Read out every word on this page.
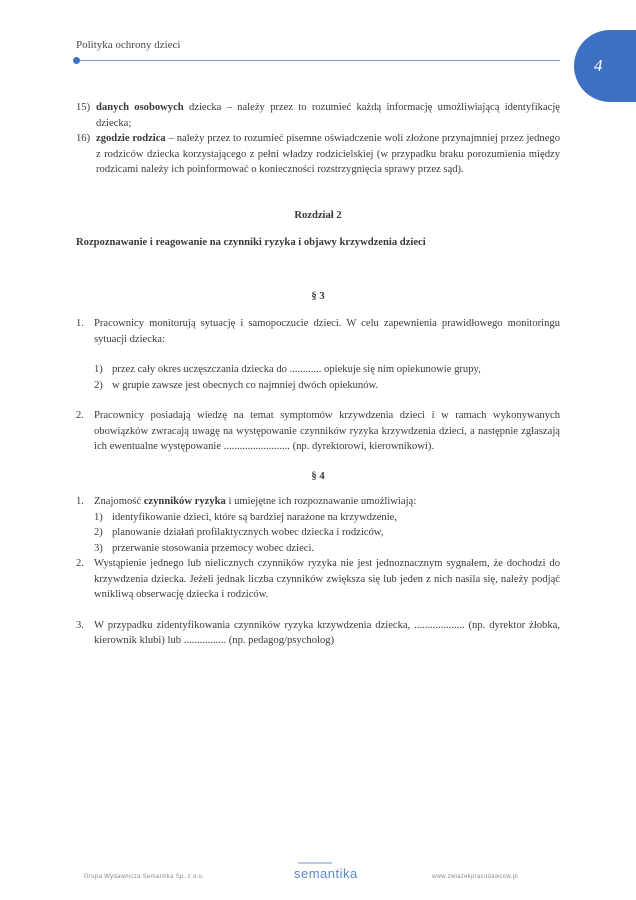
Polityka ochrony dzieci
4

15) danych osobowych dziecka – należy przez to rozumieć każdą informację umożliwiającą identyfikację dziecka;

16) zgodzie rodzica – należy przez to rozumieć pisemne oświadczenie woli złożone przynajmniej przez jednego z rodziców dziecka korzystającego z pełni władzy rodzicielskiej (w przypadku braku porozumienia między rodzicami należy ich poinformować o konieczności rozstrzygnięcia sprawy przez sąd).

Rozdział 2
Rozpoznawanie i reagowanie na czynniki ryzyka i objawy krzywdzenia dzieci
§ 3

1. Pracownicy monitorują sytuację i samopoczucie dzieci. W celu zapewnienia prawidłowego monitoringu sytuacji dziecka:

1) przez cały okres uczęszczania dziecka do ............ opiekuje się nim opiekunowie grupy,

2) w grupie zawsze jest obecnych co najmniej dwóch opiekunów.

2. Pracownicy posiadają wiedzę na temat symptomów krzywdzenia dzieci i w ramach wykonywanych obowiązków zwracają uwagę na występowanie czynników ryzyka krzywdzenia dzieci, a następnie zgłaszają ich ewentualne występowanie ......................... (np. dyrektorowi, kierownikowi).

§ 4

1. Znajomość czynników ryzyka i umiejętne ich rozpoznawanie umożliwiają:

1) identyfikowanie dzieci, które są bardziej narażone na krzywdzenie,

2) planowanie działań profilaktycznych wobec dziecka i rodziców,

3) przerwanie stosowania przemocy wobec dzieci.

2. Wystąpienie jednego lub nielicznych czynników ryzyka nie jest jednoznacznym sygnałem, że dochodzi do krzywdzenia dziecka. Jeżeli jednak liczba czynników zwiększa się lub jeden z nich nasila się, należy podjąć wnikliwą obserwację dziecka i rodziców.

3. W przypadku zidentyfikowania czynników ryzyka krzywdzenia dziecka, ................... (np. dyrektor żłobka, kierownik klubi) lub ................ (np. pedagog/psycholog)

Grupa Wydawnicza Semantika Sp. z o.o.	semantika	www.zwiazekpracodawcow.pl
